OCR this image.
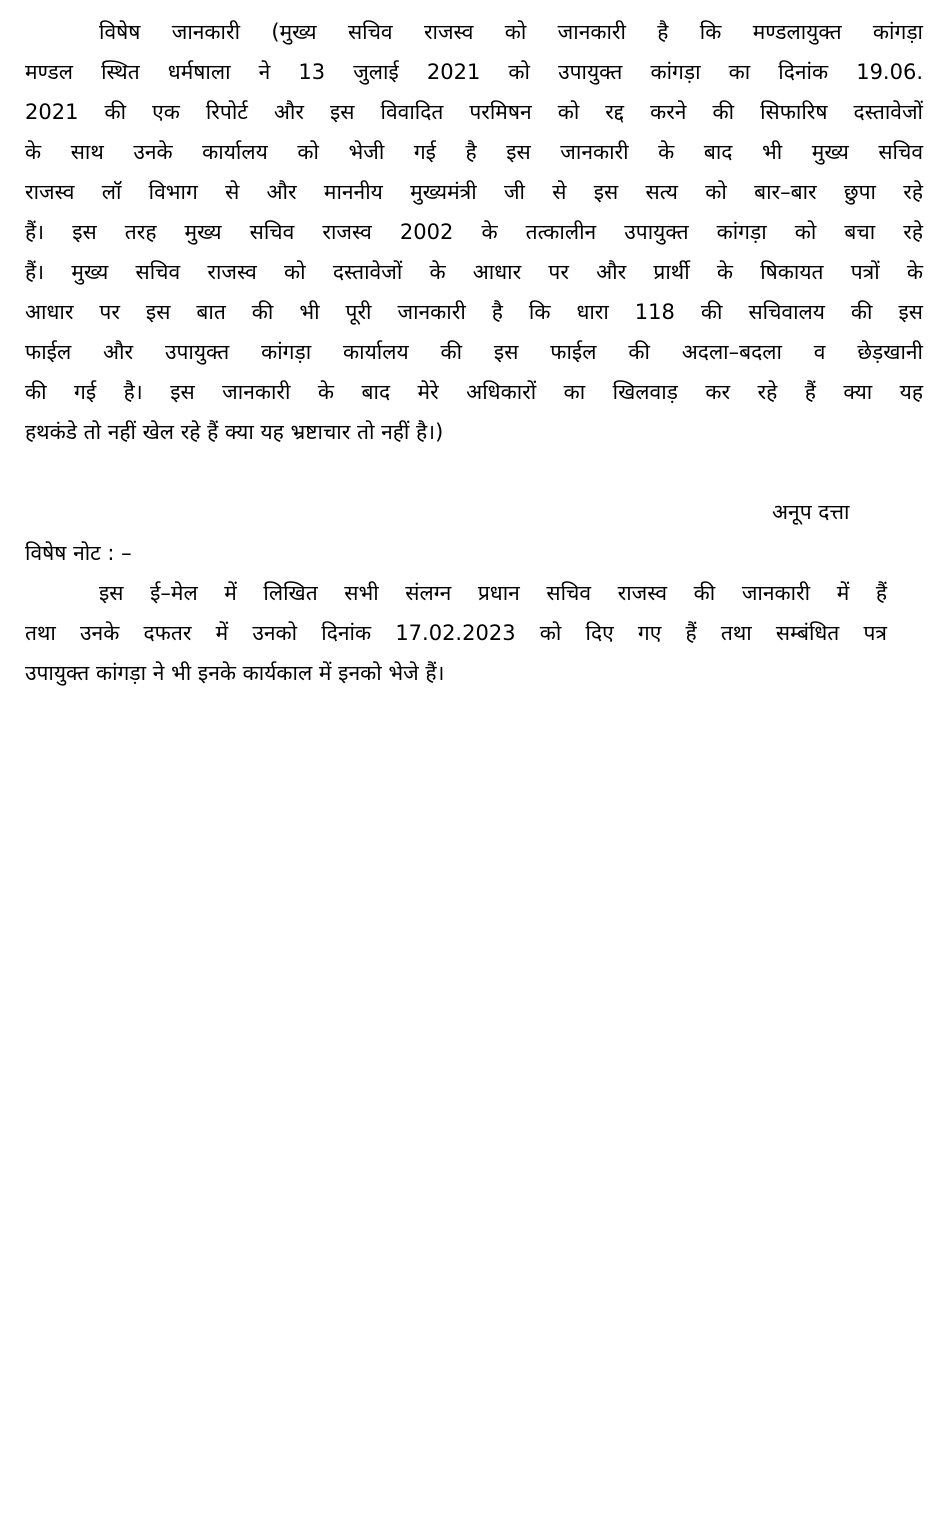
विषेष जानकारी (मुख्य सचिव राजस्व को जानकारी है कि मण्डलायुक्त कांगड़ा
मण्डल स्थित धर्मषाला ने 13 जुलाई 2021 को उपायुक्त कांगड़ा का दिनांक 19.06.
2021 की एक रिपोर्ट और इस विवादित परमिषन को रद्द करने की सिफारिष दस्तावेजों
के साथ उनके कार्यालय को भेजी गई है इस जानकारी के बाद भी मुख्य सचिव
राजस्व लॉ विभाग से और माननीय मुख्यमंत्री जी से इस सत्य को बार–बार छुपा रहे
हैं। इस तरह मुख्य सचिव राजस्व 2002 के तत्कालीन उपायुक्त कांगड़ा को बचा रहे
हैं। मुख्य सचिव राजस्व को दस्तावेजों के आधार पर और प्रार्थी के षिकायत पत्रों के
आधार पर इस बात की भी पूरी जानकारी है कि धारा 118 की सचिवालय की इस
फाईल और उपायुक्त कांगड़ा कार्यालय की इस फाईल की अदला–बदला व छेड़खानी
की गई है। इस जानकारी के बाद मेरे अधिकारों का खिलवाड़ कर रहे हैं क्या यह
हथकंडे तो नहीं खेल रहे हैं क्या यह भ्रष्टाचार तो नहीं है।)
अनूप दत्ता
विषेष नोट : –
इस ई–मेल में लिखित सभी संलग्न प्रधान सचिव राजस्व की जानकारी में हैं
तथा उनके दफतर में उनको दिनांक 17.02.2023 को दिए गए हैं तथा सम्बंधित पत्र
उपायुक्त कांगड़ा ने भी इनके कार्यकाल में इनको भेजे हैं।
